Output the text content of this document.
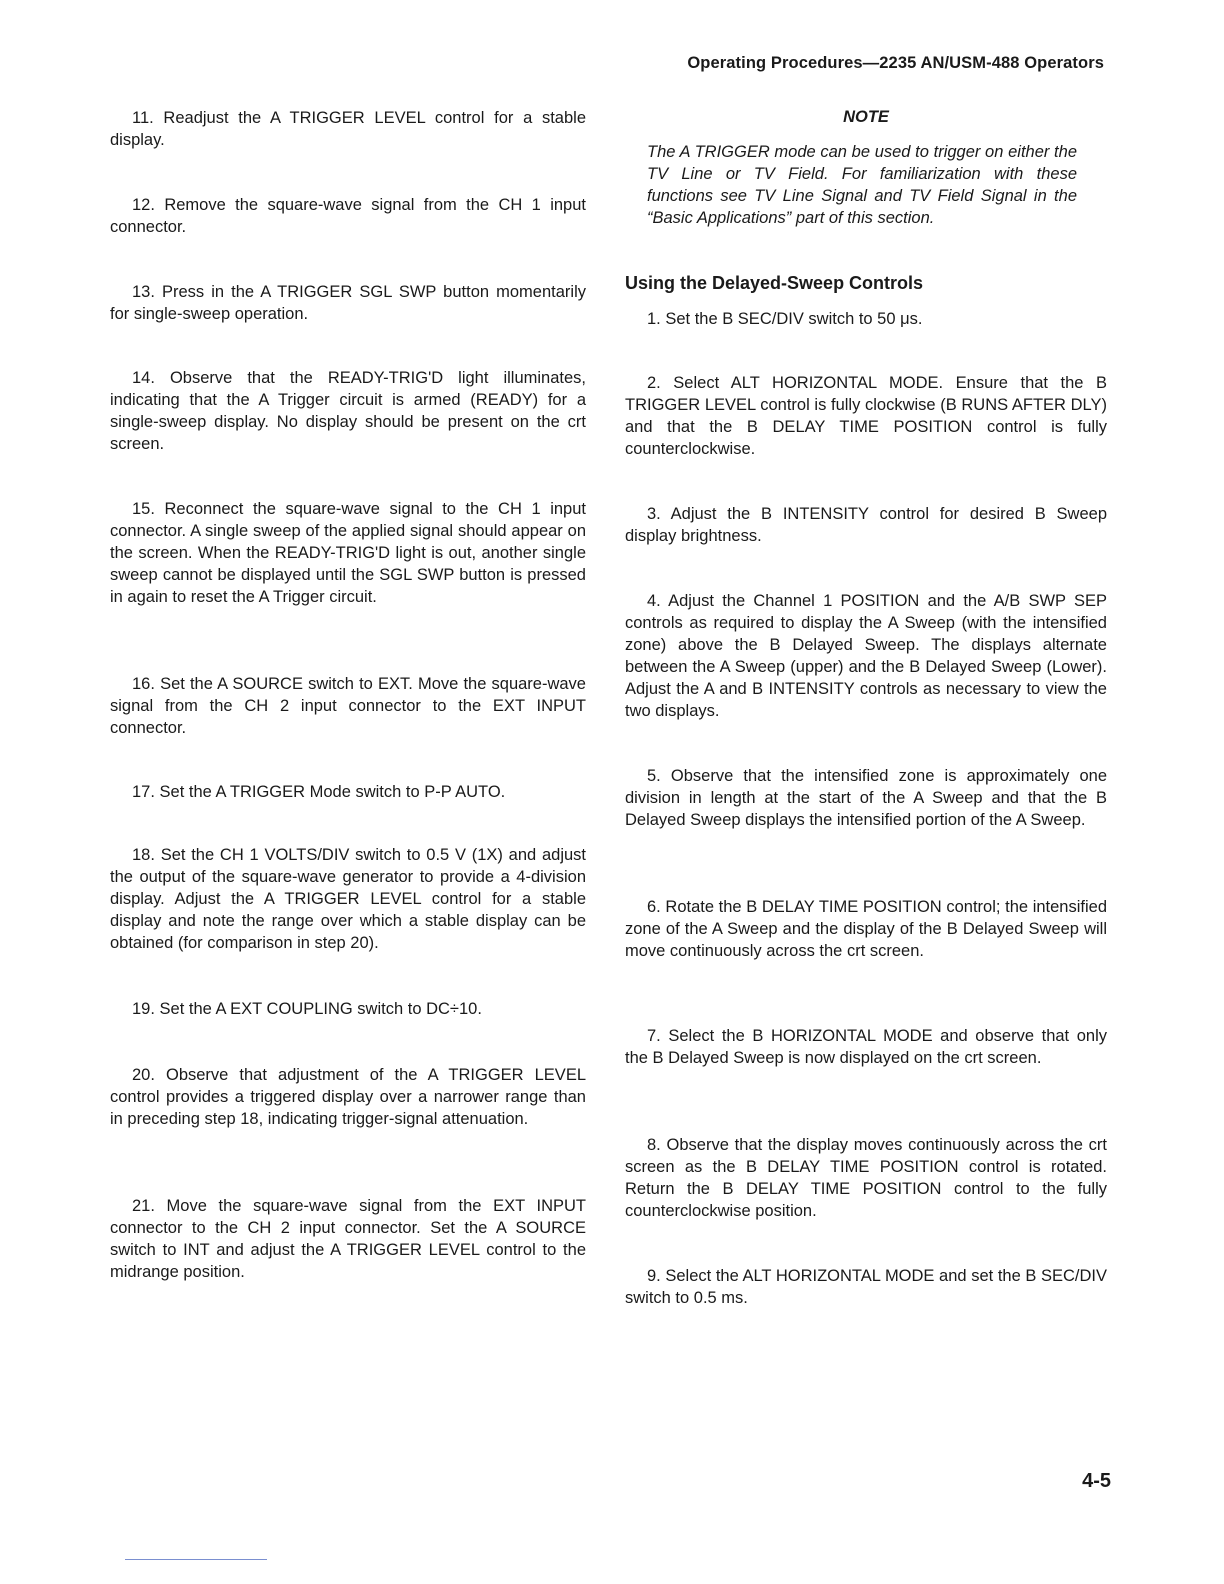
Operating Procedures—2235 AN/USM-488 Operators

11. Readjust the A TRIGGER LEVEL control for a stable display.

12. Remove the square-wave signal from the CH 1 input connector.

13. Press in the A TRIGGER SGL SWP button momentarily for single-sweep operation.

14. Observe that the READY-TRIG'D light illuminates, indicating that the A Trigger circuit is armed (READY) for a single-sweep display. No display should be present on the crt screen.

15. Reconnect the square-wave signal to the CH 1 input connector. A single sweep of the applied signal should appear on the screen. When the READY-TRIG'D light is out, another single sweep cannot be displayed until the SGL SWP button is pressed in again to reset the A Trigger circuit.

16. Set the A SOURCE switch to EXT. Move the square-wave signal from the CH 2 input connector to the EXT INPUT connector.

17. Set the A TRIGGER Mode switch to P-P AUTO.

18. Set the CH 1 VOLTS/DIV switch to 0.5 V (1X) and adjust the output of the square-wave generator to provide a 4-division display. Adjust the A TRIGGER LEVEL control for a stable display and note the range over which a stable display can be obtained (for comparison in step 20).

19. Set the A EXT COUPLING switch to DC÷10.

20. Observe that adjustment of the A TRIGGER LEVEL control provides a triggered display over a narrower range than in preceding step 18, indicating trigger-signal attenuation.

21. Move the square-wave signal from the EXT INPUT connector to the CH 2 input connector. Set the A SOURCE switch to INT and adjust the A TRIGGER LEVEL control to the midrange position.

NOTE
The A TRIGGER mode can be used to trigger on either the TV Line or TV Field. For familiarization with these functions see TV Line Signal and TV Field Signal in the “Basic Applications” part of this section.
Using the Delayed-Sweep Controls

1. Set the B SEC/DIV switch to 50 μs.

2. Select ALT HORIZONTAL MODE. Ensure that the B TRIGGER LEVEL control is fully clockwise (B RUNS AFTER DLY) and that the B DELAY TIME POSITION control is fully counterclockwise.

3. Adjust the B INTENSITY control for desired B Sweep display brightness.

4. Adjust the Channel 1 POSITION and the A/B SWP SEP controls as required to display the A Sweep (with the intensified zone) above the B Delayed Sweep. The displays alternate between the A Sweep (upper) and the B Delayed Sweep (Lower). Adjust the A and B INTENSITY controls as necessary to view the two displays.

5. Observe that the intensified zone is approximately one division in length at the start of the A Sweep and that the B Delayed Sweep displays the intensified portion of the A Sweep.

6. Rotate the B DELAY TIME POSITION control; the intensified zone of the A Sweep and the display of the B Delayed Sweep will move continuously across the crt screen.

7. Select the B HORIZONTAL MODE and observe that only the B Delayed Sweep is now displayed on the crt screen.

8. Observe that the display moves continuously across the crt screen as the B DELAY TIME POSITION control is rotated. Return the B DELAY TIME POSITION control to the fully counterclockwise position.

9. Select the ALT HORIZONTAL MODE and set the B SEC/DIV switch to 0.5 ms.

4-5
